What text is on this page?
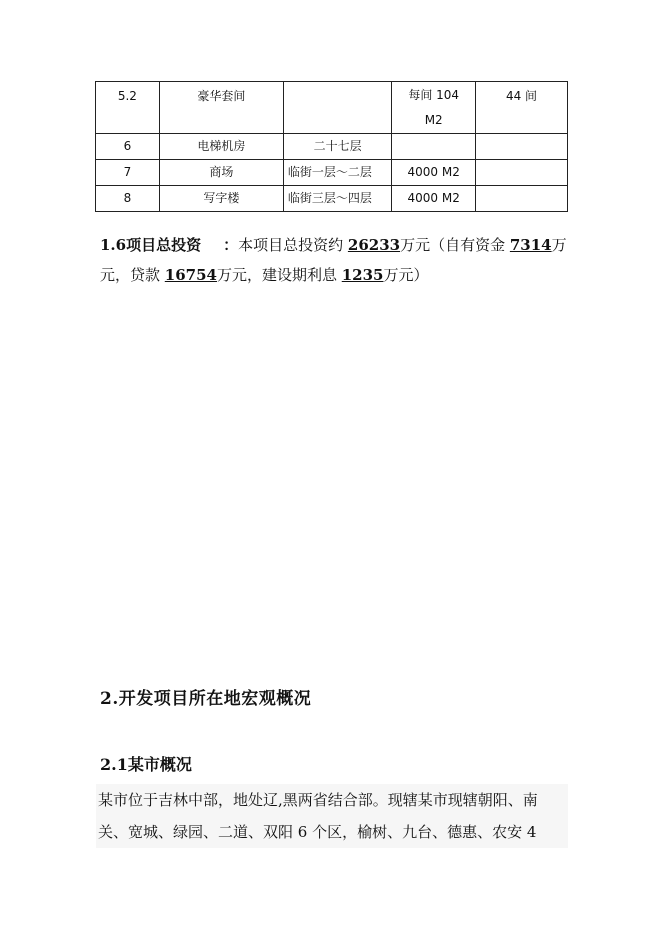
5.2	豪华套间		每间 104
M2	44 间
6	电梯机房	二十七层		
7	商场	临街一层～二层	4000 M2	
8	写字楼	临街三层～四层	4000 M2	
1.6项目总投资 ：本项目总投资约 26233万元（自有资金 7314万元，贷款 16754万元，建设期利息 1235万元）
2.开发项目所在地宏观概况
2.1某市概况
某市位于吉林中部，地处辽,黑两省结合部。现辖某市现辖朝阳、南
关、宽城、绿园、二道、双阳 6 个区，榆树、九台、德惠、农安 4
